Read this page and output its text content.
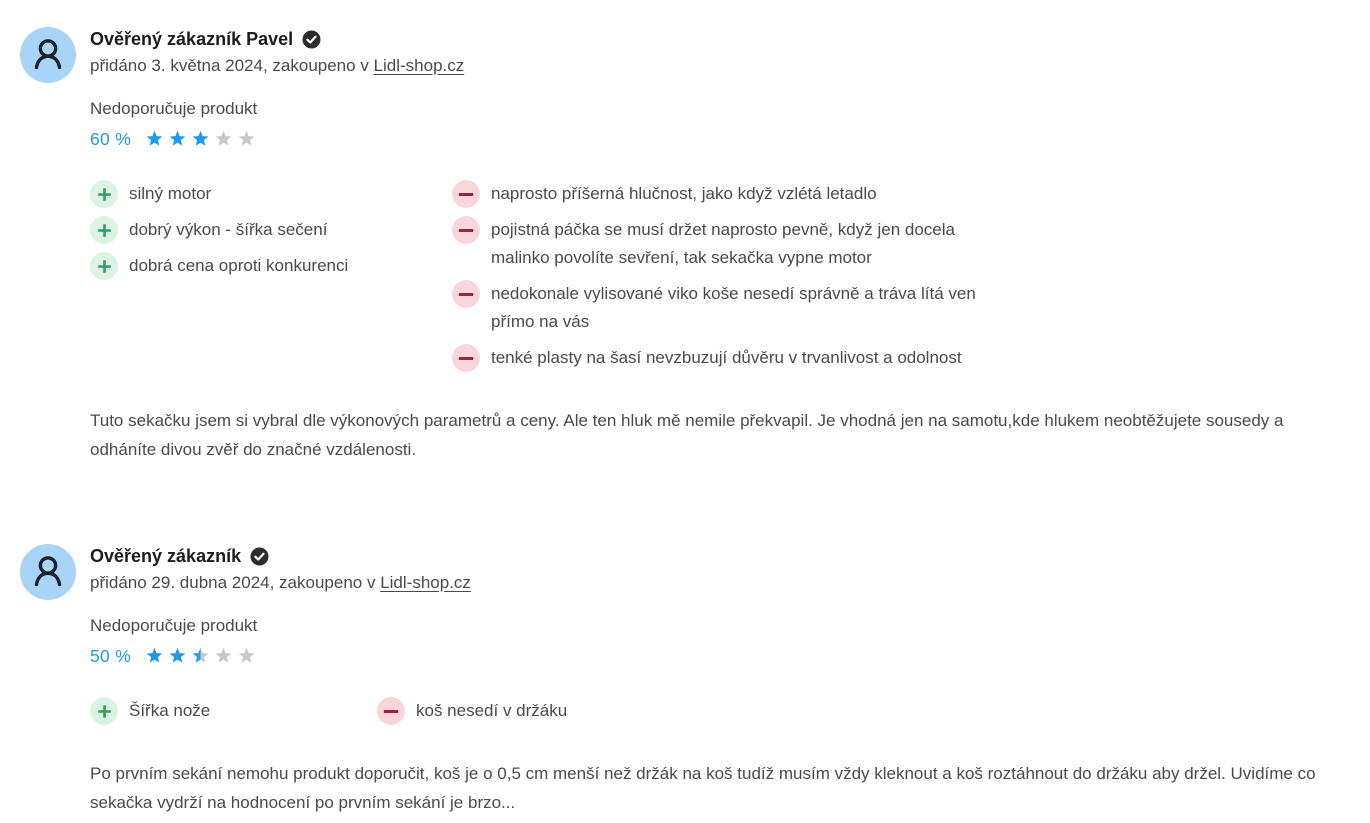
Ověřený zákazník Pavel
přidáno 3. května 2024, zakoupeno v Lidl-shop.cz
Nedoporučuje produkt
60 %
silný motor
dobrý výkon - šířka sečení
dobrá cena oproti konkurenci
naprosto příšerná hlučnost, jako když vzlétá letadlo
pojistná páčka se musí držet naprosto pevně, když jen docela malinko povolíte sevření, tak sekačka vypne motor
nedokonale vylisované viko koše nesedí správně a tráva lítá ven přímo na vás
tenké plasty na šasí nevzbuzují důvěru v trvanlivost a odolnost

Tuto sekačku jsem si vybral dle výkonových parametrů a ceny. Ale ten hluk mě nemile překvapil. Je vhodná jen na samotu,kde hlukem neobtěžujete sousedy a odháníte divou zvěř do značné vzdálenosti.

Ověřený zákazník
přidáno 29. dubna 2024, zakoupeno v Lidl-shop.cz
Nedoporučuje produkt
50 %
Šířka nože	koš nesedí v držáku

Po prvním sekání nemohu produkt doporučit, koš je o 0,5 cm menší než držák na koš tudíž musím vždy kleknout a koš roztáhnout do držáku aby držel. Uvidíme co sekačka vydrží na hodnocení po prvním sekání je brzo...
